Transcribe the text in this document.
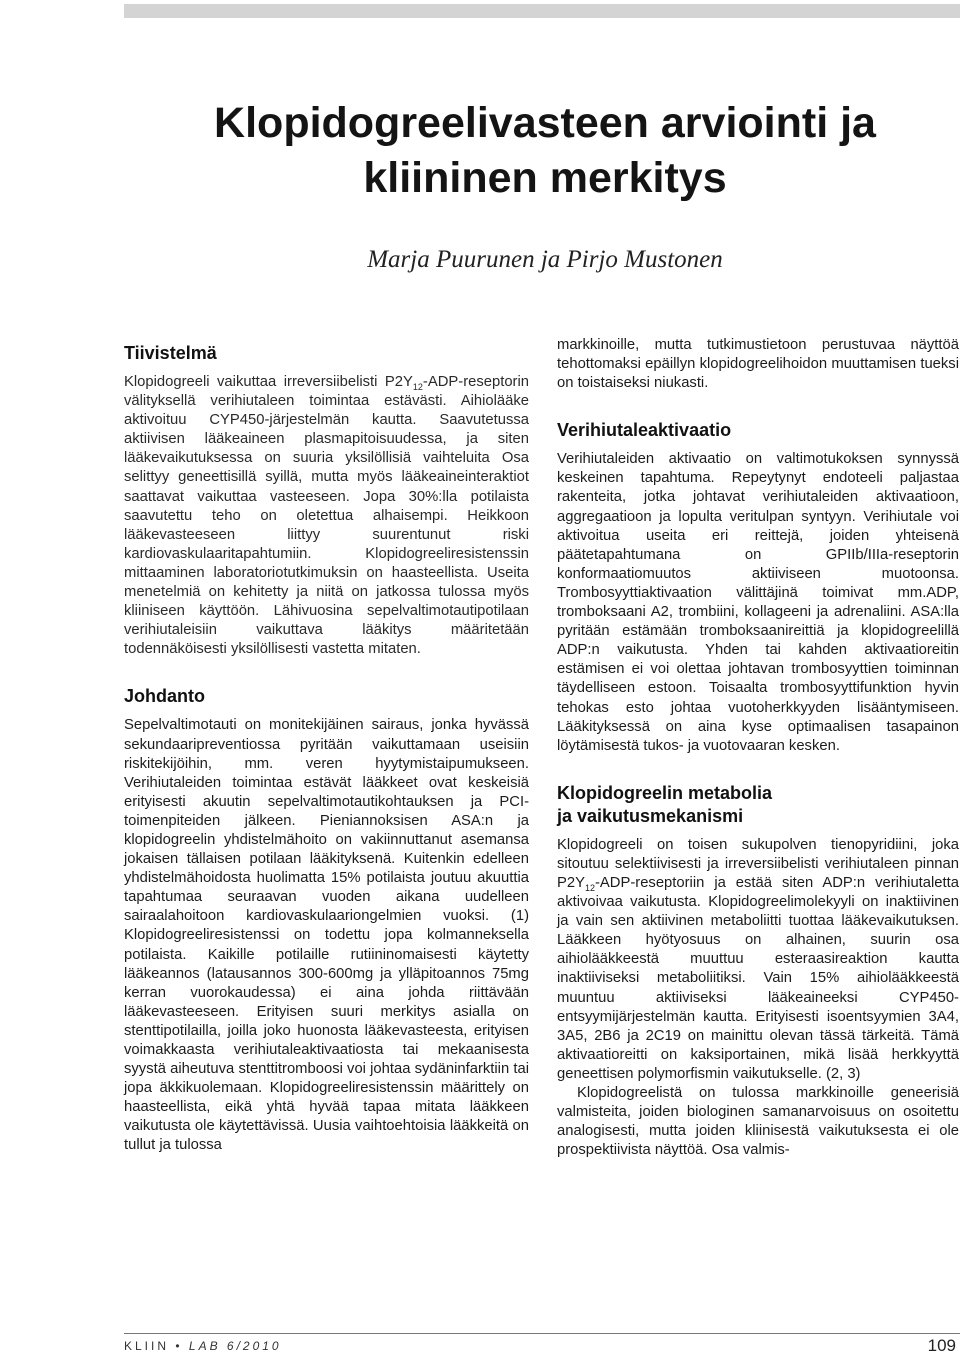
Klopidogreelivasteen arviointi ja
kliininen merkitys

Marja Puurunen ja Pirjo Mustonen

Tiivistelmä

Klopidogreeli vaikuttaa irreversiibelisti $P2Y_{12}-ADP$-reseptorin välityksellä verihiutaleen toimintaa estävästi. Aihiolääke aktivoituu CYP450-järjestelmän kautta. Saavutetussa aktiivisen lääkeaineen plasmapitoisuudessa, ja siten lääkevaikutuksessa on suuria yksilöllisiä vaihteluita Osa selittyy geneettisillä syillä, mutta myös lääkeaineinteraktiot saattavat vaikuttaa vasteeseen. Jopa 30%:lla potilaista saavutettu teho on oletettua alhaisempi. Heikkoon lääkevasteeseen liittyy suurentunut riski kardiovaskulaaritapahtumiin. Klopidogreeliresistenssin mittaaminen laboratoriotutkimuksin on haasteellista. Useita menetelmiä on kehitetty ja niitä on jatkossa tulossa myös kliiniseen käyttöön. Lähivuosina sepelvaltimotautipotilaan verihiutaleisiin vaikuttava lääkitys määritetään todennäköisesti yksilöllisesti vastetta mitaten.

Johdanto

Sepelvaltimotauti on monitekijäinen sairaus, jonka hyvässä sekundaaripreventiossa pyritään vaikuttamaan useisiin riskitekijöihin, mm. veren hyytymistaipumukseen. Verihiutaleiden toimintaa estävät lääkkeet ovat keskeisiä erityisesti akuutin sepelvaltimotautikohtauksen ja PCI-toimenpiteiden jälkeen. Pieniannoksisen ASA:n ja klopidogreelin yhdistelmähoito on vakiinnuttanut asemansa jokaisen tällaisen potilaan lääkityksenä. Kuitenkin edelleen yhdistelmähoidosta huolimatta 15% potilaista joutuu akuuttia tapahtumaa seuraavan vuoden aikana uudelleen sairaalahoitoon kardiovaskulaariongelmien vuoksi. (1) Klopidogreeliresistenssi on todettu jopa kolmanneksella potilaista. Kaikille potilaille rutiininomaisesti käytetty lääkeannos (latausannos 300-600mg ja ylläpitoannos 75mg kerran vuorokaudessa) ei aina johda riittävään lääkevasteeseen. Erityisen suuri merkitys asialla on stenttipotilailla, joilla joko huonosta lääkevasteesta, erityisen voimakkaasta verihiutaleaktivaatiosta tai mekaanisesta syystä aiheutuva stenttitromboosi voi johtaa sydäninfarktiin tai jopa äkkikuolemaan. Klopidogreeliresistenssin määrittely on haasteellista, eikä yhtä hyvää tapaa mitata lääkkeen vaikutusta ole käytettävissä. Uusia vaihtoehtoisia lääkkeitä on tullut ja tulossa

markkinoille, mutta tutkimustietoon perustuvaa näyttöä tehottomaksi epäillyn klopidogreelihoidon muuttamisen tueksi on toistaiseksi niukasti.

Verihiutaleaktivaatio

Verihiutaleiden aktivaatio on valtimotukoksen synnyssä keskeinen tapahtuma. Repeytynyt endoteeli paljastaa rakenteita, jotka johtavat verihiutaleiden aktivaatioon, aggregaatioon ja lopulta veritulpan syntyyn. Verihiutale voi aktivoitua useita eri reittejä, joiden yhteisenä päätetapahtumana on GPIIb/IIIa-reseptorin konformaatiomuutos aktiiviseen muotoonsa. Trombosyyttiaktivaation välittäjinä toimivat mm.ADP, tromboksaani A2, trombiini, kollageeni ja adrenaliini. ASA:lla pyritään estämään tromboksaanireittiä ja klopidogreelillä ADP:n vaikutusta. Yhden tai kahden aktivaatioreitin estämisen ei voi olettaa johtavan trombosyyttien toiminnan täydelliseen estoon. Toisaalta trombosyyttifunktion hyvin tehokas esto johtaa vuotoherkkyyden lisääntymiseen. Lääkityksessä on aina kyse optimaalisen tasapainon löytämisestä tukos- ja vuotovaaran kesken.

Klopidogreelin metabolia
ja vaikutusmekanismi

Klopidogreeli on toisen sukupolven tienopyridiini, joka sitoutuu selektiivisesti ja irreversiibelisti verihiutaleen pinnan $P2Y_{12}-ADP$-reseptoriin ja estää siten ADP:n verihiutaletta aktivoivaa vaikutusta. Klopidogreelimolekyyli on inaktiivinen ja vain sen aktiivinen metaboliitti tuottaa lääkevaikutuksen. Lääkkeen hyötyosuus on alhainen, suurin osa aihiolääkkeestä muuttuu esteraasireaktion kautta inaktiiviseksi metaboliitiksi. Vain 15% aihiolääkkeestä muuntuu aktiiviseksi lääkeaineeksi CYP450-entsyymijärjestelmän kautta. Erityisesti isoentsyymien 3A4, 3A5, 2B6 ja 2C19 on mainittu olevan tässä tärkeitä. Tämä aktivaatioreitti on kaksiportainen, mikä lisää herkkyyttä geneettisen polymorfismin vaikutukselle. (2, 3)

Klopidogreelistä on tulossa markkinoille geneerisiä valmisteita, joiden biologinen samanarvoisuus on osoitettu analogisesti, mutta joiden kliinisestä vaikutuksesta ei ole prospektiivista näyttöä. Osa valmis-

KLIIN • LAB 6/2010	109
